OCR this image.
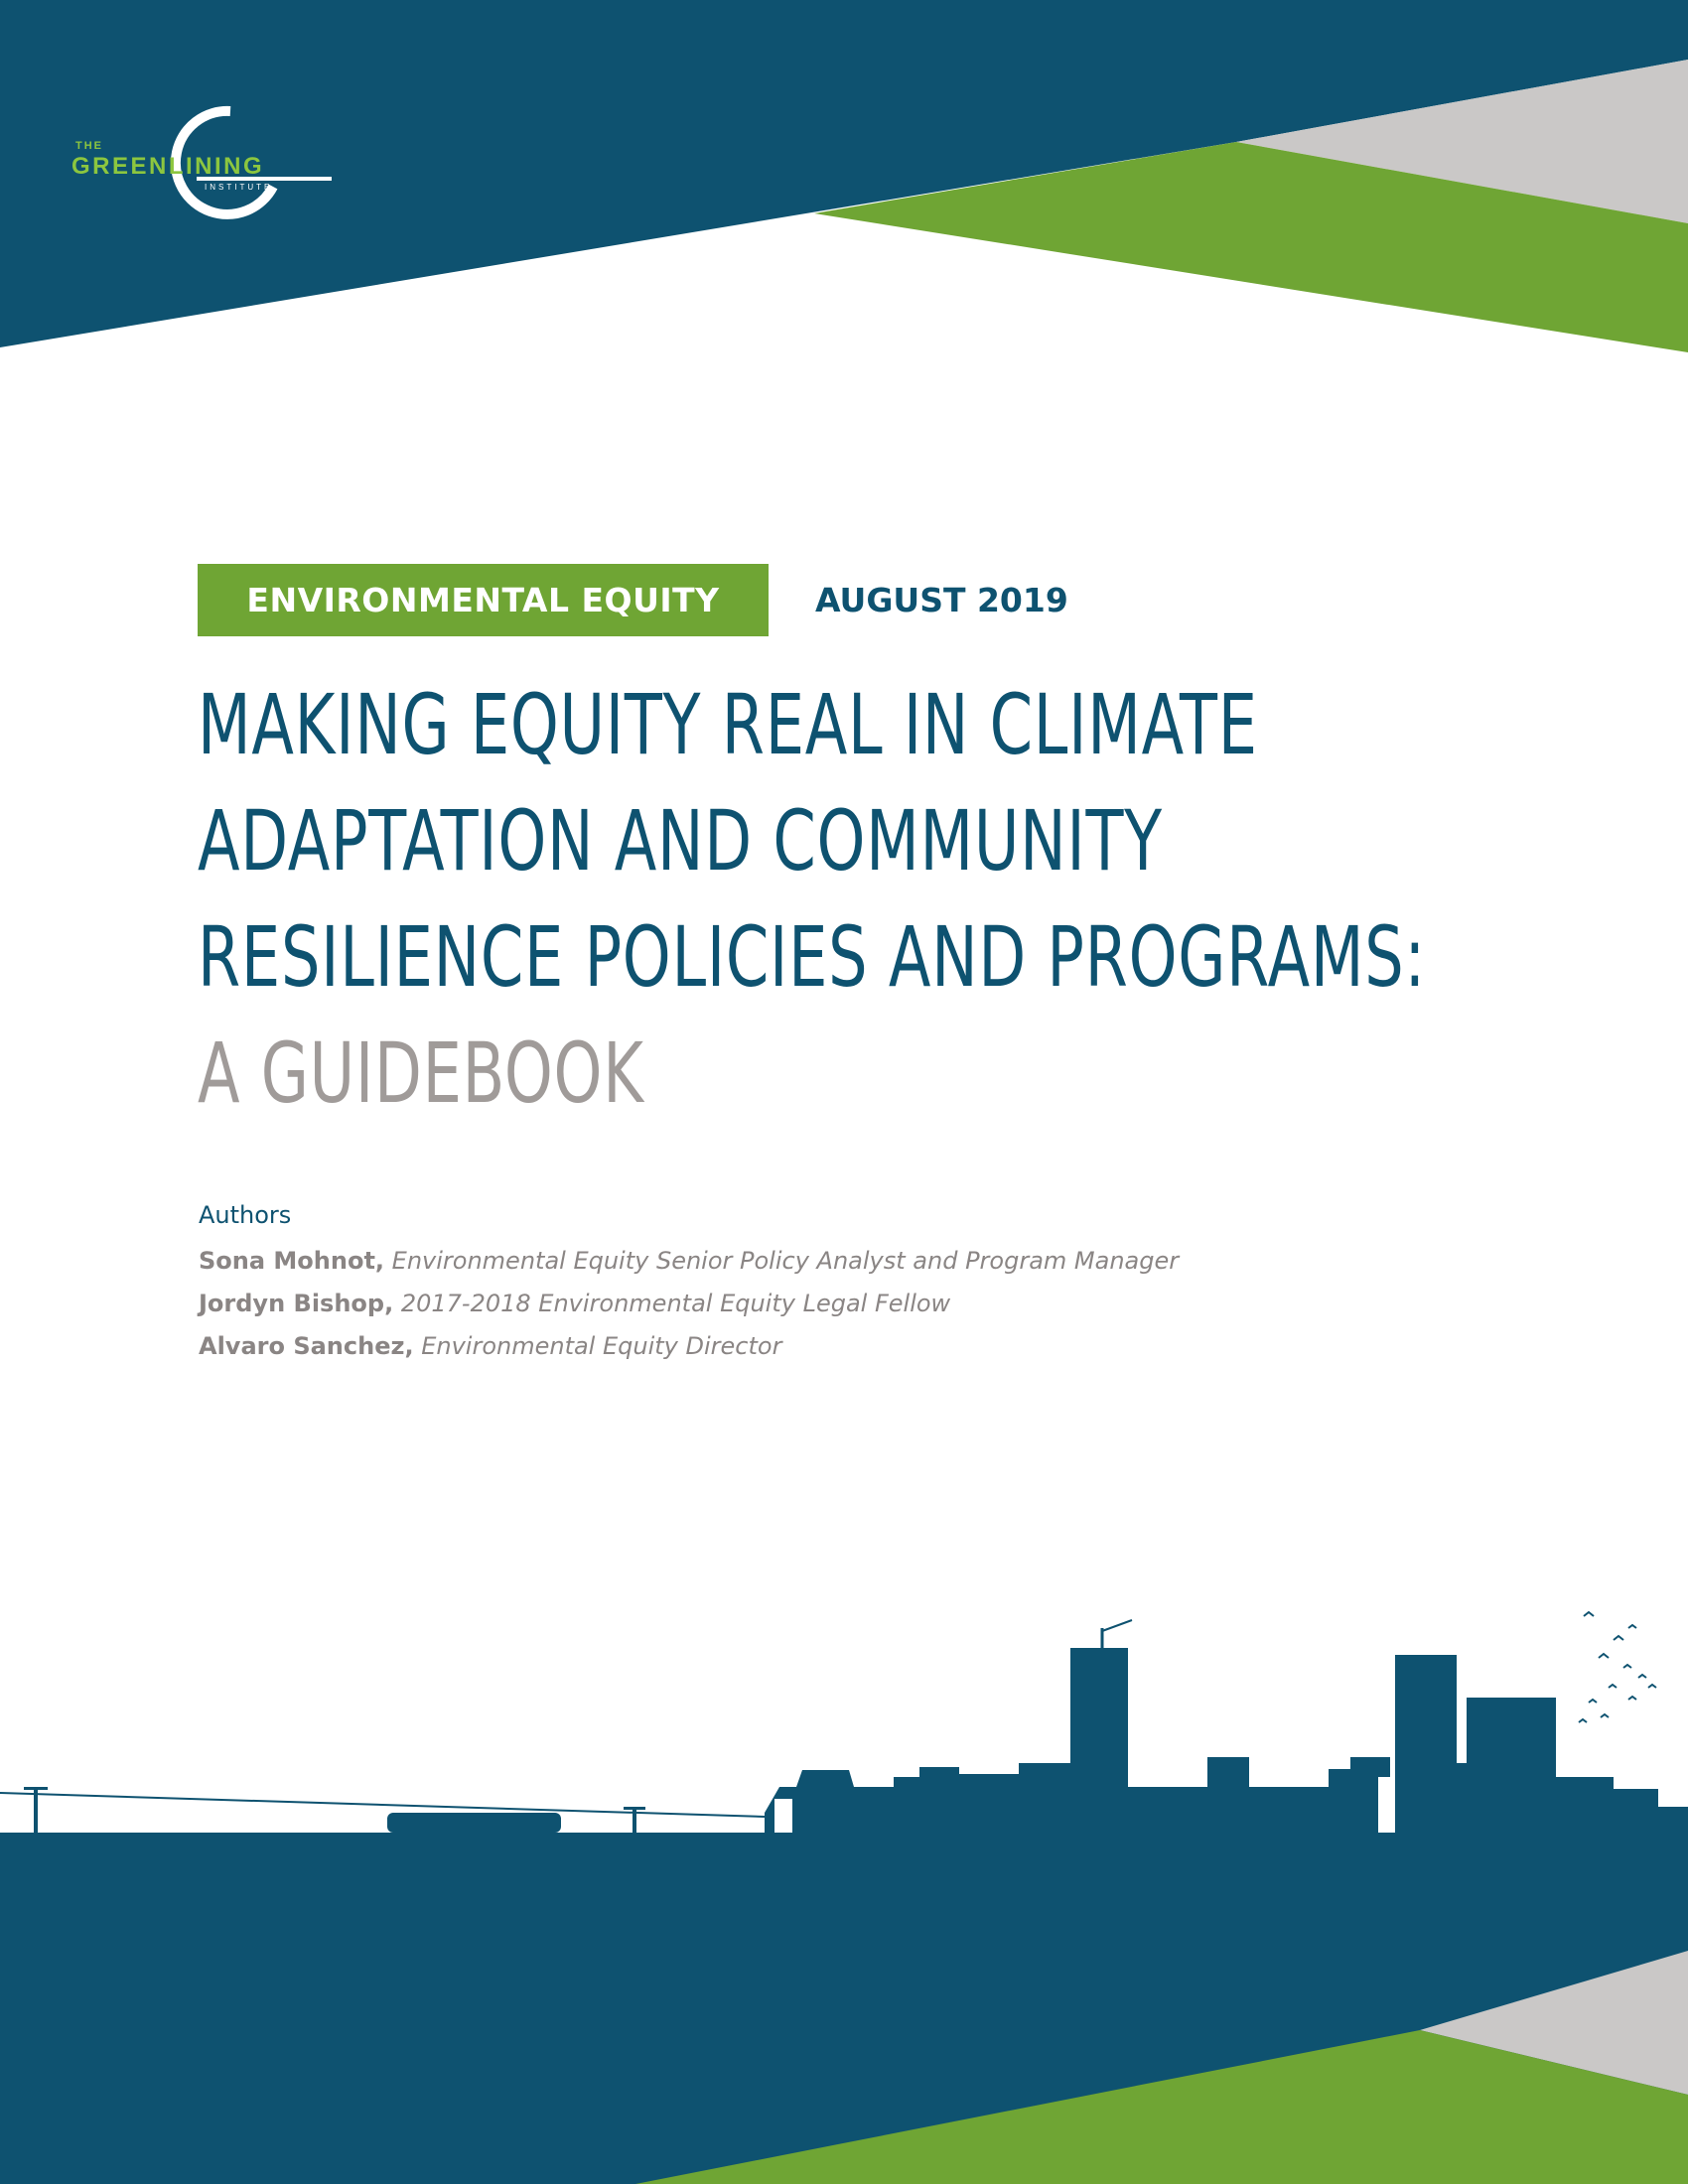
THE
GREENLINING
INSTITUTE
ENVIRONMENTAL EQUITY	AUGUST 2019
MAKING EQUITY REAL IN CLIMATE
ADAPTATION AND COMMUNITY
RESILIENCE POLICIES AND PROGRAMS:
A GUIDEBOOK
Authors
Sona Mohnot, Environmental Equity Senior Policy Analyst and Program Manager
Jordyn Bishop, 2017-2018 Environmental Equity Legal Fellow
Alvaro Sanchez, Environmental Equity Director
